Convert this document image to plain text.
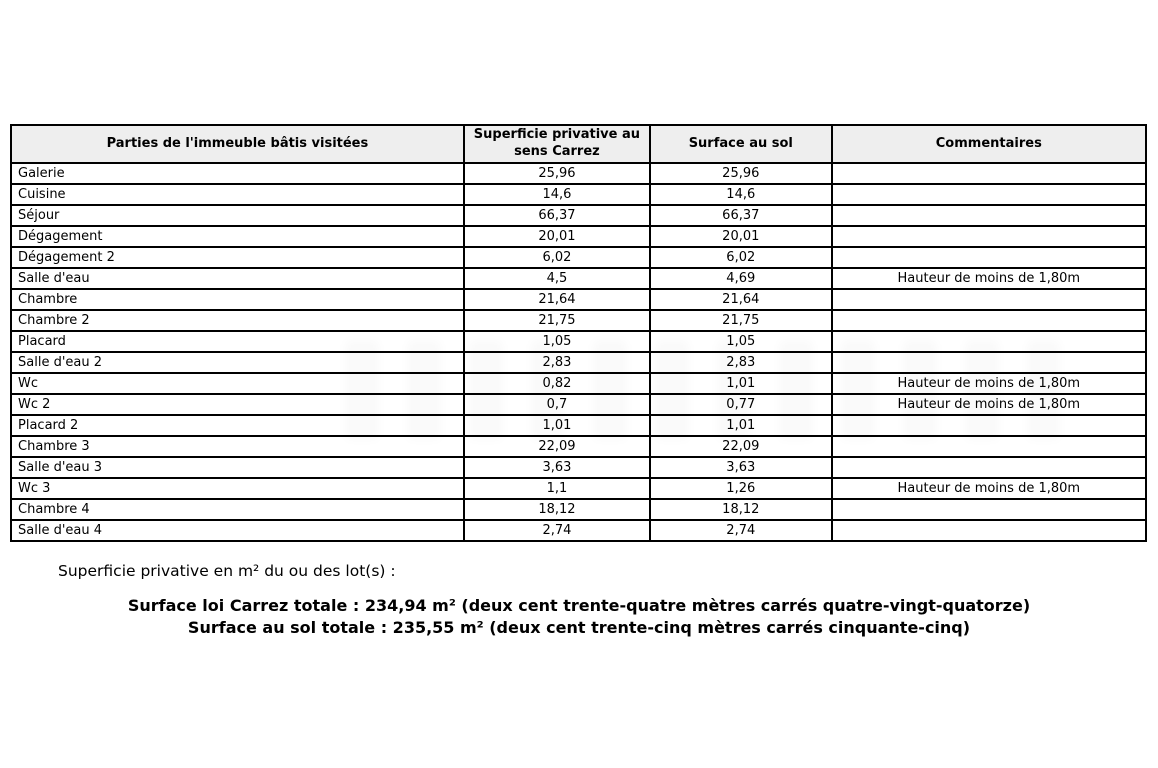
Parties de l'immeuble bâtis visitées	Superficie privative au sens Carrez	Surface au sol	Commentaires
Galerie	25,96	25,96	
Cuisine	14,6	14,6	
Séjour	66,37	66,37	
Dégagement	20,01	20,01	
Dégagement 2	6,02	6,02	
Salle d'eau	4,5	4,69	Hauteur de moins de 1,80m
Chambre	21,64	21,64	
Chambre 2	21,75	21,75	
Placard	1,05	1,05	
Salle d'eau 2	2,83	2,83	
Wc	0,82	1,01	Hauteur de moins de 1,80m
Wc 2	0,7	0,77	Hauteur de moins de 1,80m
Placard 2	1,01	1,01	
Chambre 3	22,09	22,09	
Salle d'eau 3	3,63	3,63	
Wc 3	1,1	1,26	Hauteur de moins de 1,80m
Chambre 4	18,12	18,12	
Salle d'eau 4	2,74	2,74	
Superficie privative en m² du ou des lot(s) :
Surface loi Carrez totale : 234,94 m² (deux cent trente-quatre mètres carrés quatre-vingt-quatorze)
Surface au sol totale : 235,55 m² (deux cent trente-cinq mètres carrés cinquante-cinq)
